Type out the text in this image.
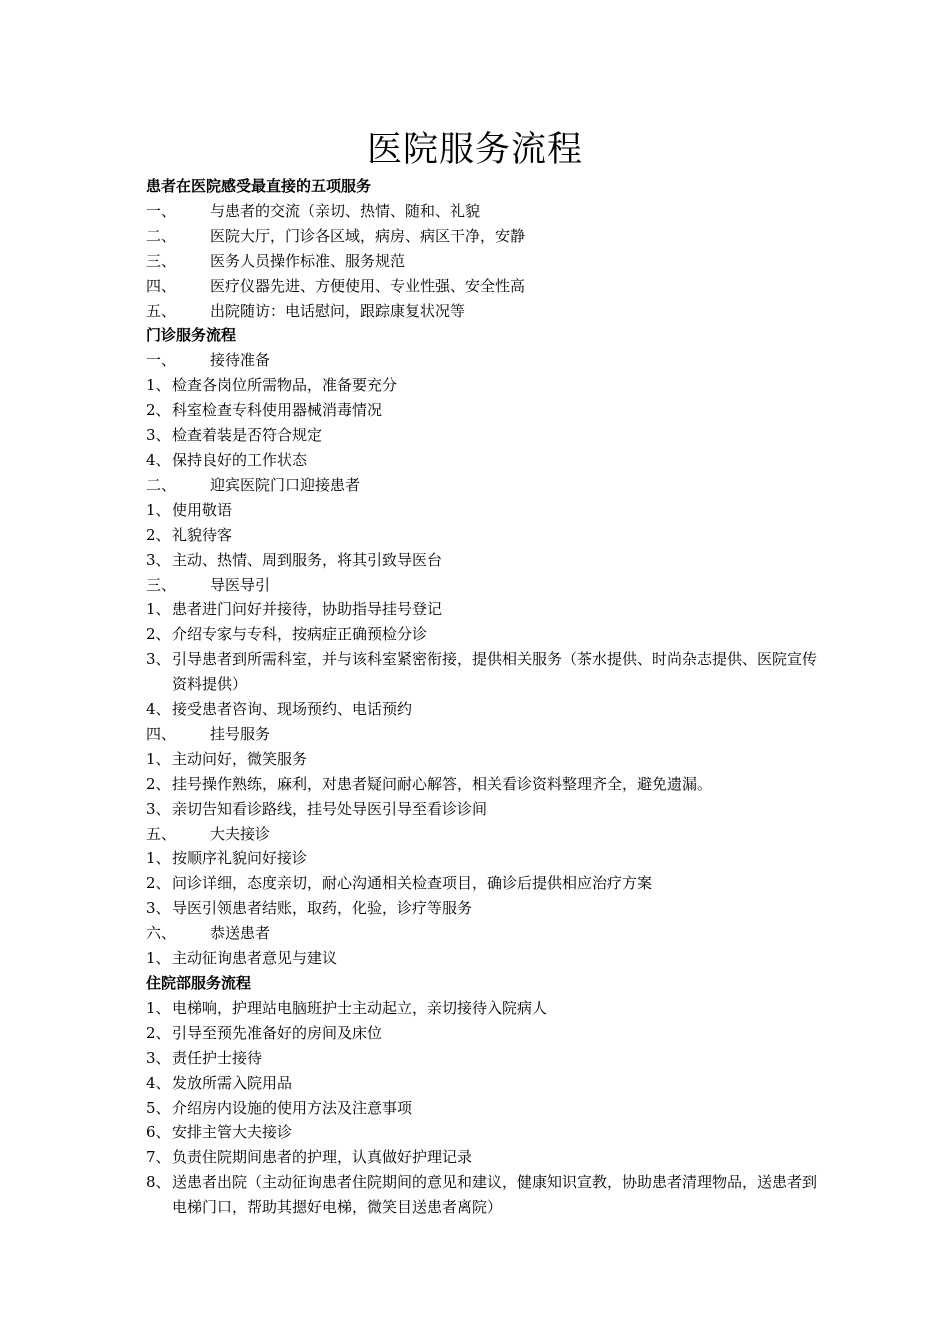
医院服务流程
患者在医院感受最直接的五项服务
一、	与患者的交流（亲切、热情、随和、礼貌
二、	医院大厅，门诊各区域，病房、病区干净，安静
三、	医务人员操作标准、服务规范
四、	医疗仪器先进、方便使用、专业性强、安全性高
五、	出院随访：电话慰问，跟踪康复状况等
门诊服务流程
一、	接待准备
1、 检查各岗位所需物品，准备要充分
2、 科室检查专科使用器械消毒情况
3、 检查着装是否符合规定
4、 保持良好的工作状态
二、	迎宾医院门口迎接患者
1、 使用敬语
2、 礼貌待客
3、 主动、热情、周到服务，将其引致导医台
三、	导医导引
1、 患者进门问好并接待，协助指导挂号登记
2、 介绍专家与专科，按病症正确预检分诊
3、 引导患者到所需科室，并与该科室紧密衔接，提供相关服务（茶水提供、时尚杂志提供、医院宣传资料提供）
4、 接受患者咨询、现场预约、电话预约
四、	挂号服务
1、 主动问好，微笑服务
2、 挂号操作熟练，麻利，对患者疑问耐心解答，相关看诊资料整理齐全，避免遗漏。
3、 亲切告知看诊路线，挂号处导医引导至看诊诊间
五、	大夫接诊
1、 按顺序礼貌问好接诊
2、 问诊详细，态度亲切，耐心沟通相关检查项目，确诊后提供相应治疗方案
3、 导医引领患者结账，取药，化验，诊疗等服务
六、	恭送患者
1、 主动征询患者意见与建议
住院部服务流程
1、 电梯响，护理站电脑班护士主动起立，亲切接待入院病人
2、 引导至预先准备好的房间及床位
3、 责任护士接待
4、 发放所需入院用品
5、 介绍房内设施的使用方法及注意事项
6、 安排主管大夫接诊
7、 负责住院期间患者的护理，认真做好护理记录
8、 送患者出院（主动征询患者住院期间的意见和建议，健康知识宣教，协助患者清理物品，送患者到电梯门口，帮助其摁好电梯，微笑目送患者离院）
